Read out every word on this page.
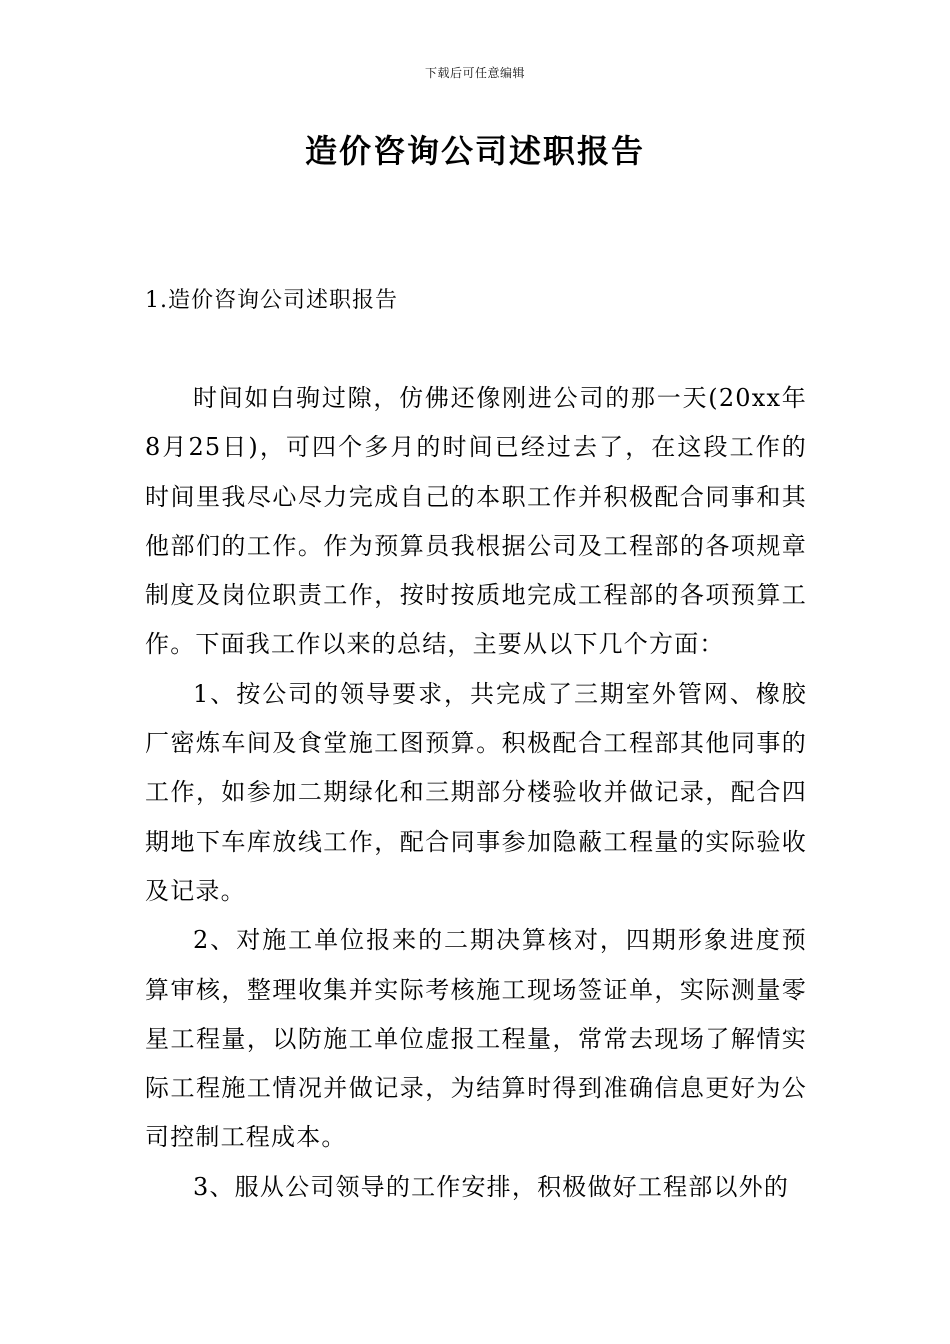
下载后可任意编辑
造价咨询公司述职报告
1.造价咨询公司述职报告

时间如白驹过隙，仿佛还像刚进公司的那一天(20xx年8月25日)，可四个多月的时间已经过去了，在这段工作的时间里我尽心尽力完成自己的本职工作并积极配合同事和其他部们的工作。作为预算员我根据公司及工程部的各项规章制度及岗位职责工作，按时按质地完成工程部的各项预算工作。下面我工作以来的总结，主要从以下几个方面：

1、按公司的领导要求，共完成了三期室外管网、橡胶厂密炼车间及食堂施工图预算。积极配合工程部其他同事的工作，如参加二期绿化和三期部分楼验收并做记录，配合四期地下车库放线工作，配合同事参加隐蔽工程量的实际验收及记录。

2、对施工单位报来的二期决算核对，四期形象进度预算审核，整理收集并实际考核施工现场签证单，实际测量零星工程量，以防施工单位虚报工程量，常常去现场了解情实际工程施工情况并做记录，为结算时得到准确信息更好为公司控制工程成本。

3、服从公司领导的工作安排，积极做好工程部以外的
